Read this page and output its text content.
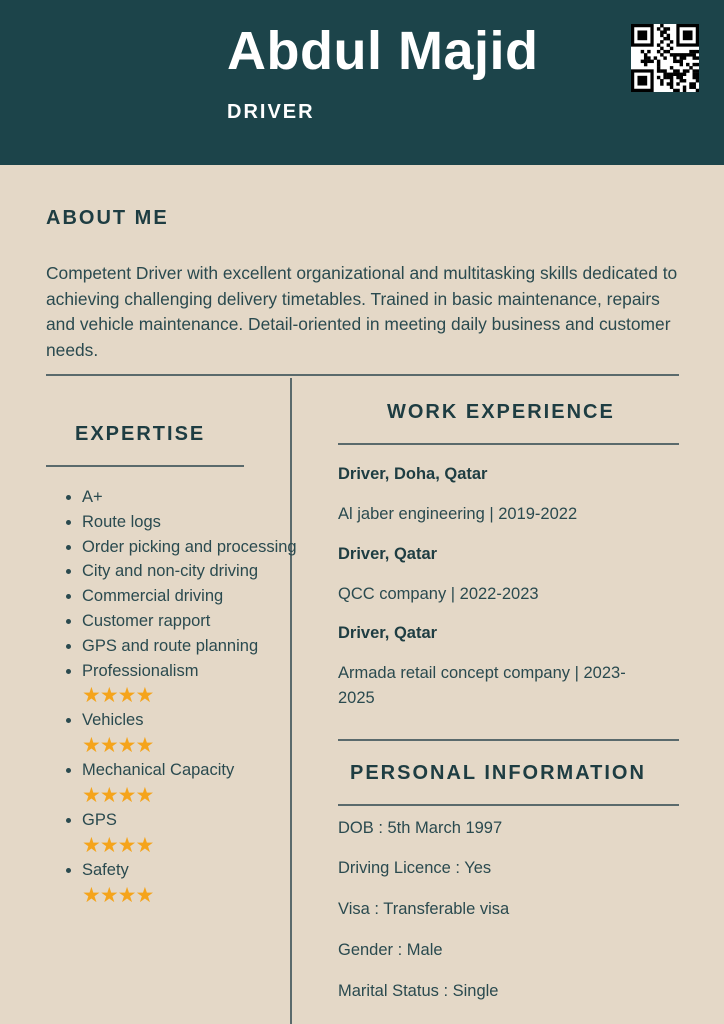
Abdul Majid
DRIVER
ABOUT ME
Competent Driver with excellent organizational and multitasking skills dedicated to achieving challenging delivery timetables. Trained in basic maintenance, repairs and vehicle maintenance. Detail-oriented in meeting daily business and customer needs.
EXPERTISE
• A+
• Route logs
• Order picking and processing
• City and non-city driving
• Commercial driving
• Customer rapport
• GPS and route planning
• Professionalism
★★★★
• Vehicles
★★★★
• Mechanical Capacity
★★★★
• GPS
★★★★
• Safety
★★★★
WORK EXPERIENCE
Driver, Doha, Qatar
Al jaber engineering | 2019-2022
Driver, Qatar
QCC company | 2022-2023
Driver, Qatar
Armada retail concept company | 2023-2025
PERSONAL INFORMATION
DOB : 5th March 1997
Driving Licence : Yes
Visa : Transferable visa
Gender : Male
Marital Status : Single
